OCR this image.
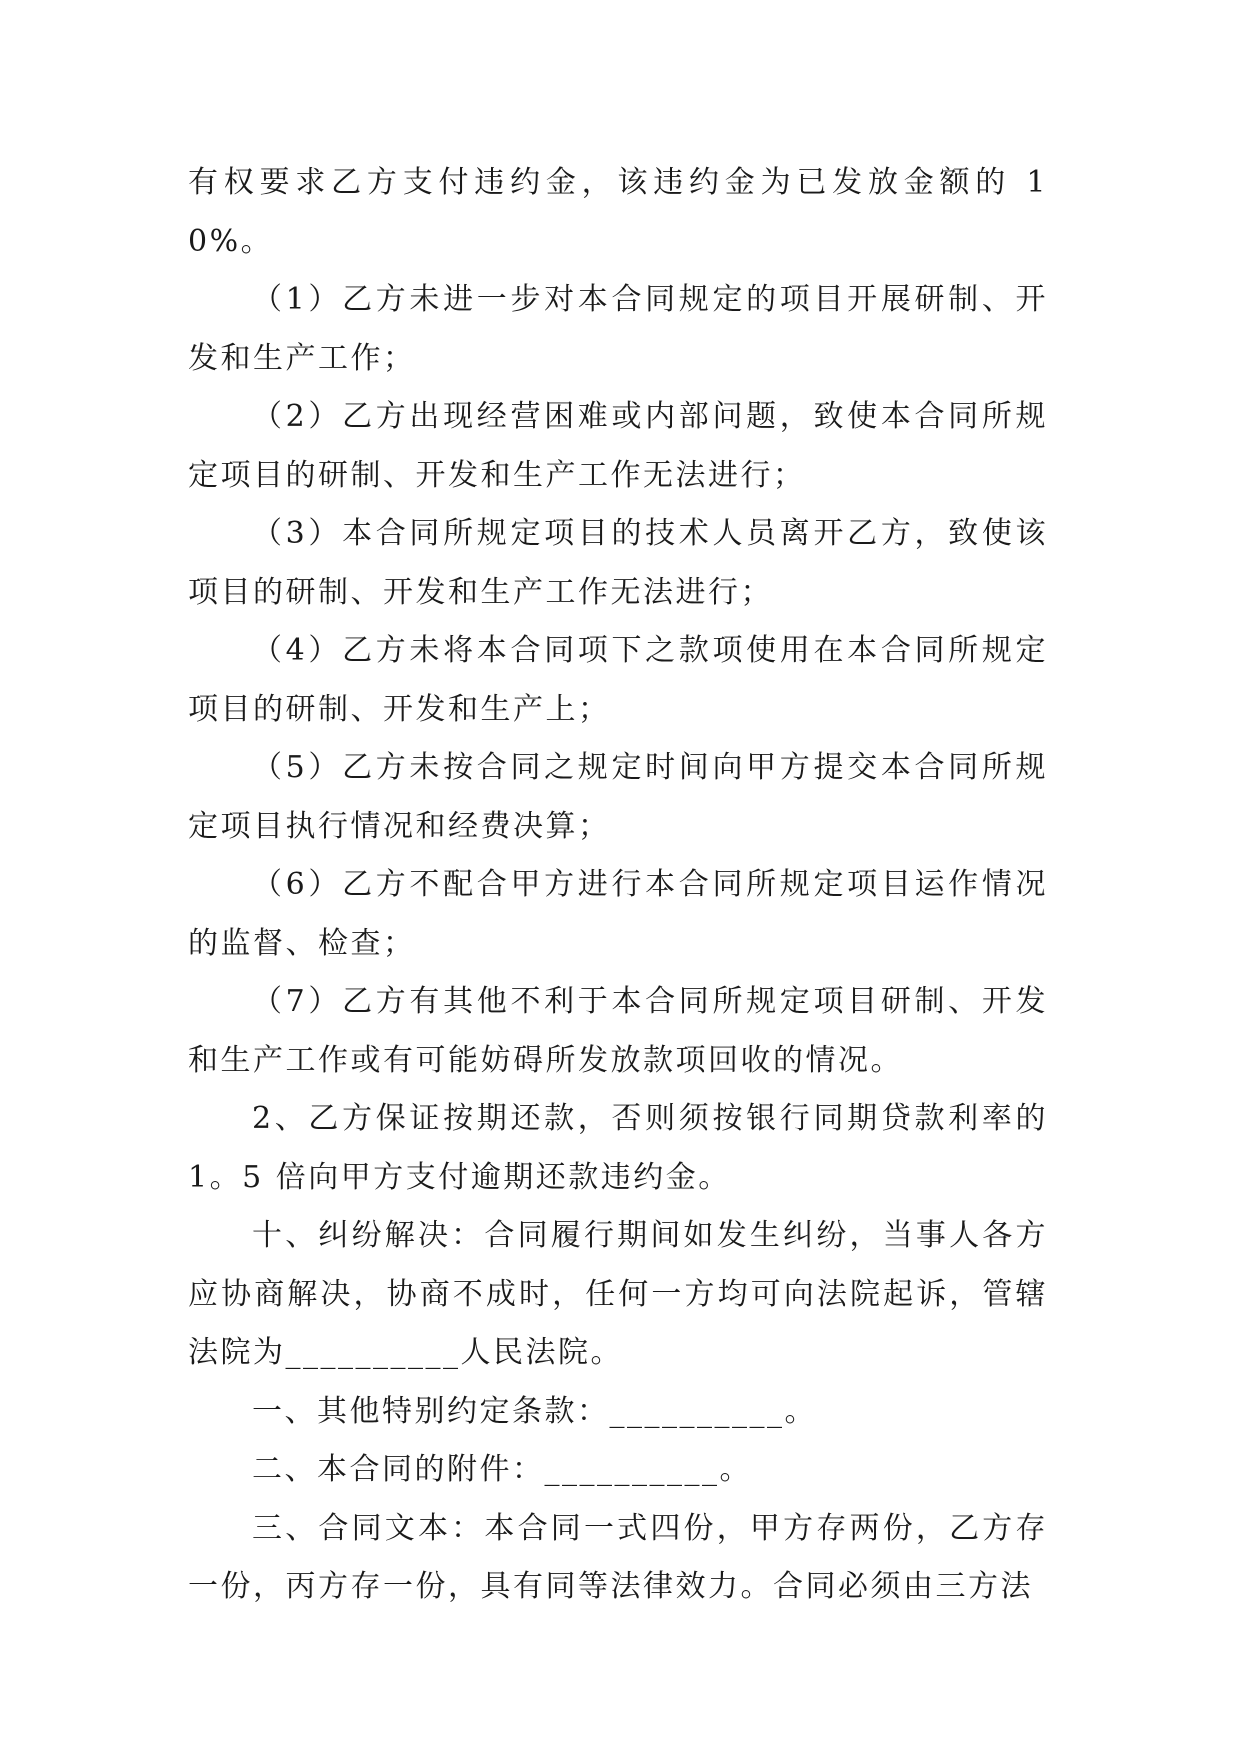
有权要求乙方支付违约金，该违约金为已发放金额的 10%。

（1）乙方未进一步对本合同规定的项目开展研制、开发和生产工作；

（2）乙方出现经营困难或内部问题，致使本合同所规定项目的研制、开发和生产工作无法进行；

（3）本合同所规定项目的技术人员离开乙方，致使该项目的研制、开发和生产工作无法进行；

（4）乙方未将本合同项下之款项使用在本合同所规定项目的研制、开发和生产上；

（5）乙方未按合同之规定时间向甲方提交本合同所规定项目执行情况和经费决算；

（6）乙方不配合甲方进行本合同所规定项目运作情况的监督、检查；

（7）乙方有其他不利于本合同所规定项目研制、开发和生产工作或有可能妨碍所发放款项回收的情况。

2、乙方保证按期还款，否则须按银行同期贷款利率的 1。5 倍向甲方支付逾期还款违约金。

十、纠纷解决：合同履行期间如发生纠纷，当事人各方应协商解决，协商不成时，任何一方均可向法院起诉，管辖法院为__________人民法院。

一、其他特别约定条款：__________。

二、本合同的附件：__________。

三、合同文本：本合同一式四份，甲方存两份，乙方存一份，丙方存一份，具有同等法律效力。合同必须由三方法
